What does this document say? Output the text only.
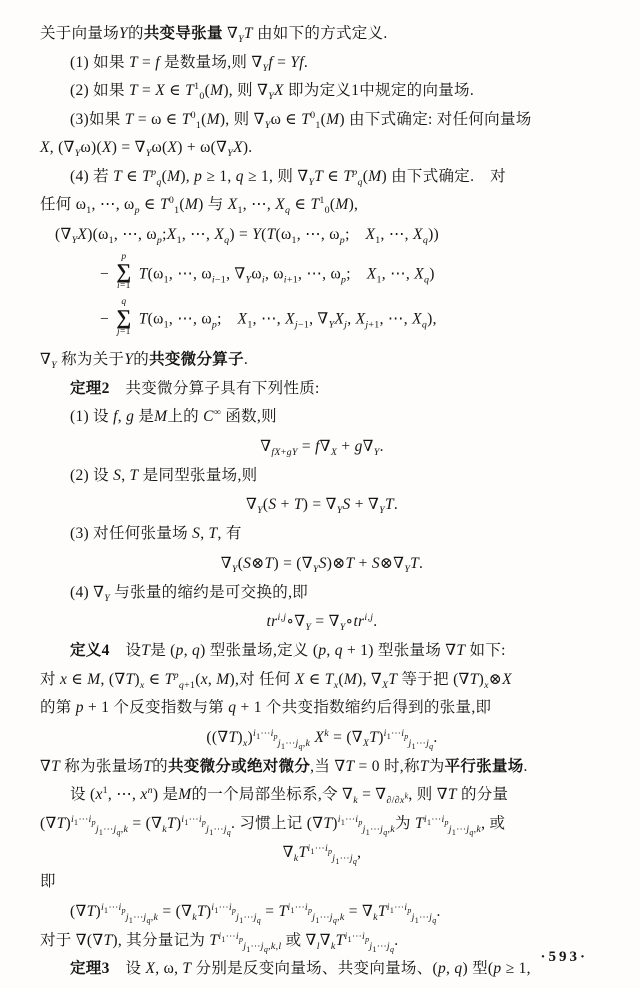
关于向量场Y的共变导张量 $\nabla_YT$ 由如下的方式定义.
(1) 如果 T = f 是数量场,则 $\nabla_Yf = Yf$.
(2) 如果 T = X ∈ $T^1_0(M)$, 则 $\nabla_YX$ 即为定义1中规定的向量场.
(3)如果 T = ω ∈ $T^0_1(M)$, 则 $\nabla_Y\omega$ ∈ $T^0_1(M)$ 由下式确定: 对任何向量场
X, $(\nabla_Y\omega)(X) = \nabla_Y\omega(X) + \omega(\nabla_YX)$.
(4) 若 T ∈ $T^p_q(M)$, p ≥ 1, q ≥ 1, 则 $\nabla_YT$ ∈ $T^p_q(M)$ 由下式确定.　对
任何 $\omega_1$, ⋯, $\omega_p$ ∈ $T^0_1(M)$ 与 $X_1$, ⋯, $X_q$ ∈ $T^1_0(M)$,
$(\nabla_YX)(\omega_1$, ⋯, $\omega_p;X_1$, ⋯, $X_q) = Y(T(\omega_1$, ⋯, $\omega_p$;　$X_1$, ⋯, $X_q$))
−
p
∑
i=1
$T(\omega_1$, ⋯, $\omega_{i-1}$, $\nabla_Y\omega_i$, $\omega_{i+1}$, ⋯, $\omega_p$;　$X_1$, ⋯, $X_q$)
−
q
∑
j=1
$T(\omega_1$, ⋯, $\omega_p$;　$X_1$, ⋯, $X_{j-1}$, $\nabla_YX_j$, $X_{j+1}$, ⋯, $X_q$),
$\nabla_Y$ 称为关于Y的共变微分算子.
定理2　共变微分算子具有下列性质:
(1) 设 f, g 是M上的 C∞ 函数,则
$\nabla_{fX+gY} = f\nabla_X + g\nabla_Y$.
(2) 设 S, T 是同型张量场,则
$\nabla_Y(S + T) = \nabla_YS + \nabla_YT$.
(3) 对任何张量场 S, T, 有
$\nabla_Y(S\otimes T)$ = $(\nabla_YS)\otimes T$ + $S\otimes\nabla_YT$.
(4) $\nabla_Y$ 与张量的缩约是可交换的,即
$tr^{i,j}\circ\nabla_Y$ = $\nabla_Y\circ tr^{i,j}$.
定义4　设T是 (p, q) 型张量场,定义 (p, q + 1) 型张量场 ∇T 如下:
对 x ∈ M, $(\nabla T)_x$ ∈ $T^p_{q+1}(x$, M),对 任何 X ∈ $T_x(M)$, $\nabla_XT$ 等于把 $(\nabla T)_x\otimes X$
的第 p + 1 个反变指数与第 q + 1 个共变指数缩约后得到的张量,即
$((\nabla T)_x)^{i_1\cdots i_p}_{j_1\cdots j_q,k}$ $X^k = (\nabla_XT)^{i_1\cdots i_p}_{j_1\cdots j_q}$.
∇T 称为张量场T的共变微分或绝对微分,当 ∇T = 0 时,称T为平行张量场.
设 ($x^1$, ⋯, $x^n$) 是M的一个局部坐标系,令 $\nabla_k = \nabla_{\partial/\partial x^k}$, 则 ∇T 的分量
$(\nabla T)^{i_1\cdots i_p}_{j_1\cdots j_q,k} = (\nabla_kT)^{i_1\cdots i_p}_{j_1\cdots j_q}$. 习惯上记 $(\nabla T)^{i_1\cdots i_p}_{j_1\cdots j_q,k}$为 $T^{i_1\cdots i_p}_{j_1\cdots j_q,k}$, 或
$\nabla_kT^{i_1\cdots i_p}_{j_1\cdots j_q}$,
即
$(\nabla T)^{i_1\cdots i_p}_{j_1\cdots j_q,k} = (\nabla_kT)^{i_1\cdots i_p}_{j_1\cdots j_q} = T^{i_1\cdots i_p}_{j_1\cdots j_q,k} = \nabla_kT^{i_1\cdots i_p}_{j_1\cdots j_q}$.
对于 ∇(∇T), 其分量记为 $T^{i_1\cdots i_p}_{j_1\cdots j_q,k,l}$ 或 $\nabla_l\nabla_kT^{i_1\cdots i_p}_{j_1\cdots j_q}$.
定理3　设 X, ω, T 分别是反变向量场、共变向量场、(p, q) 型(p ≥ 1,
·593·
